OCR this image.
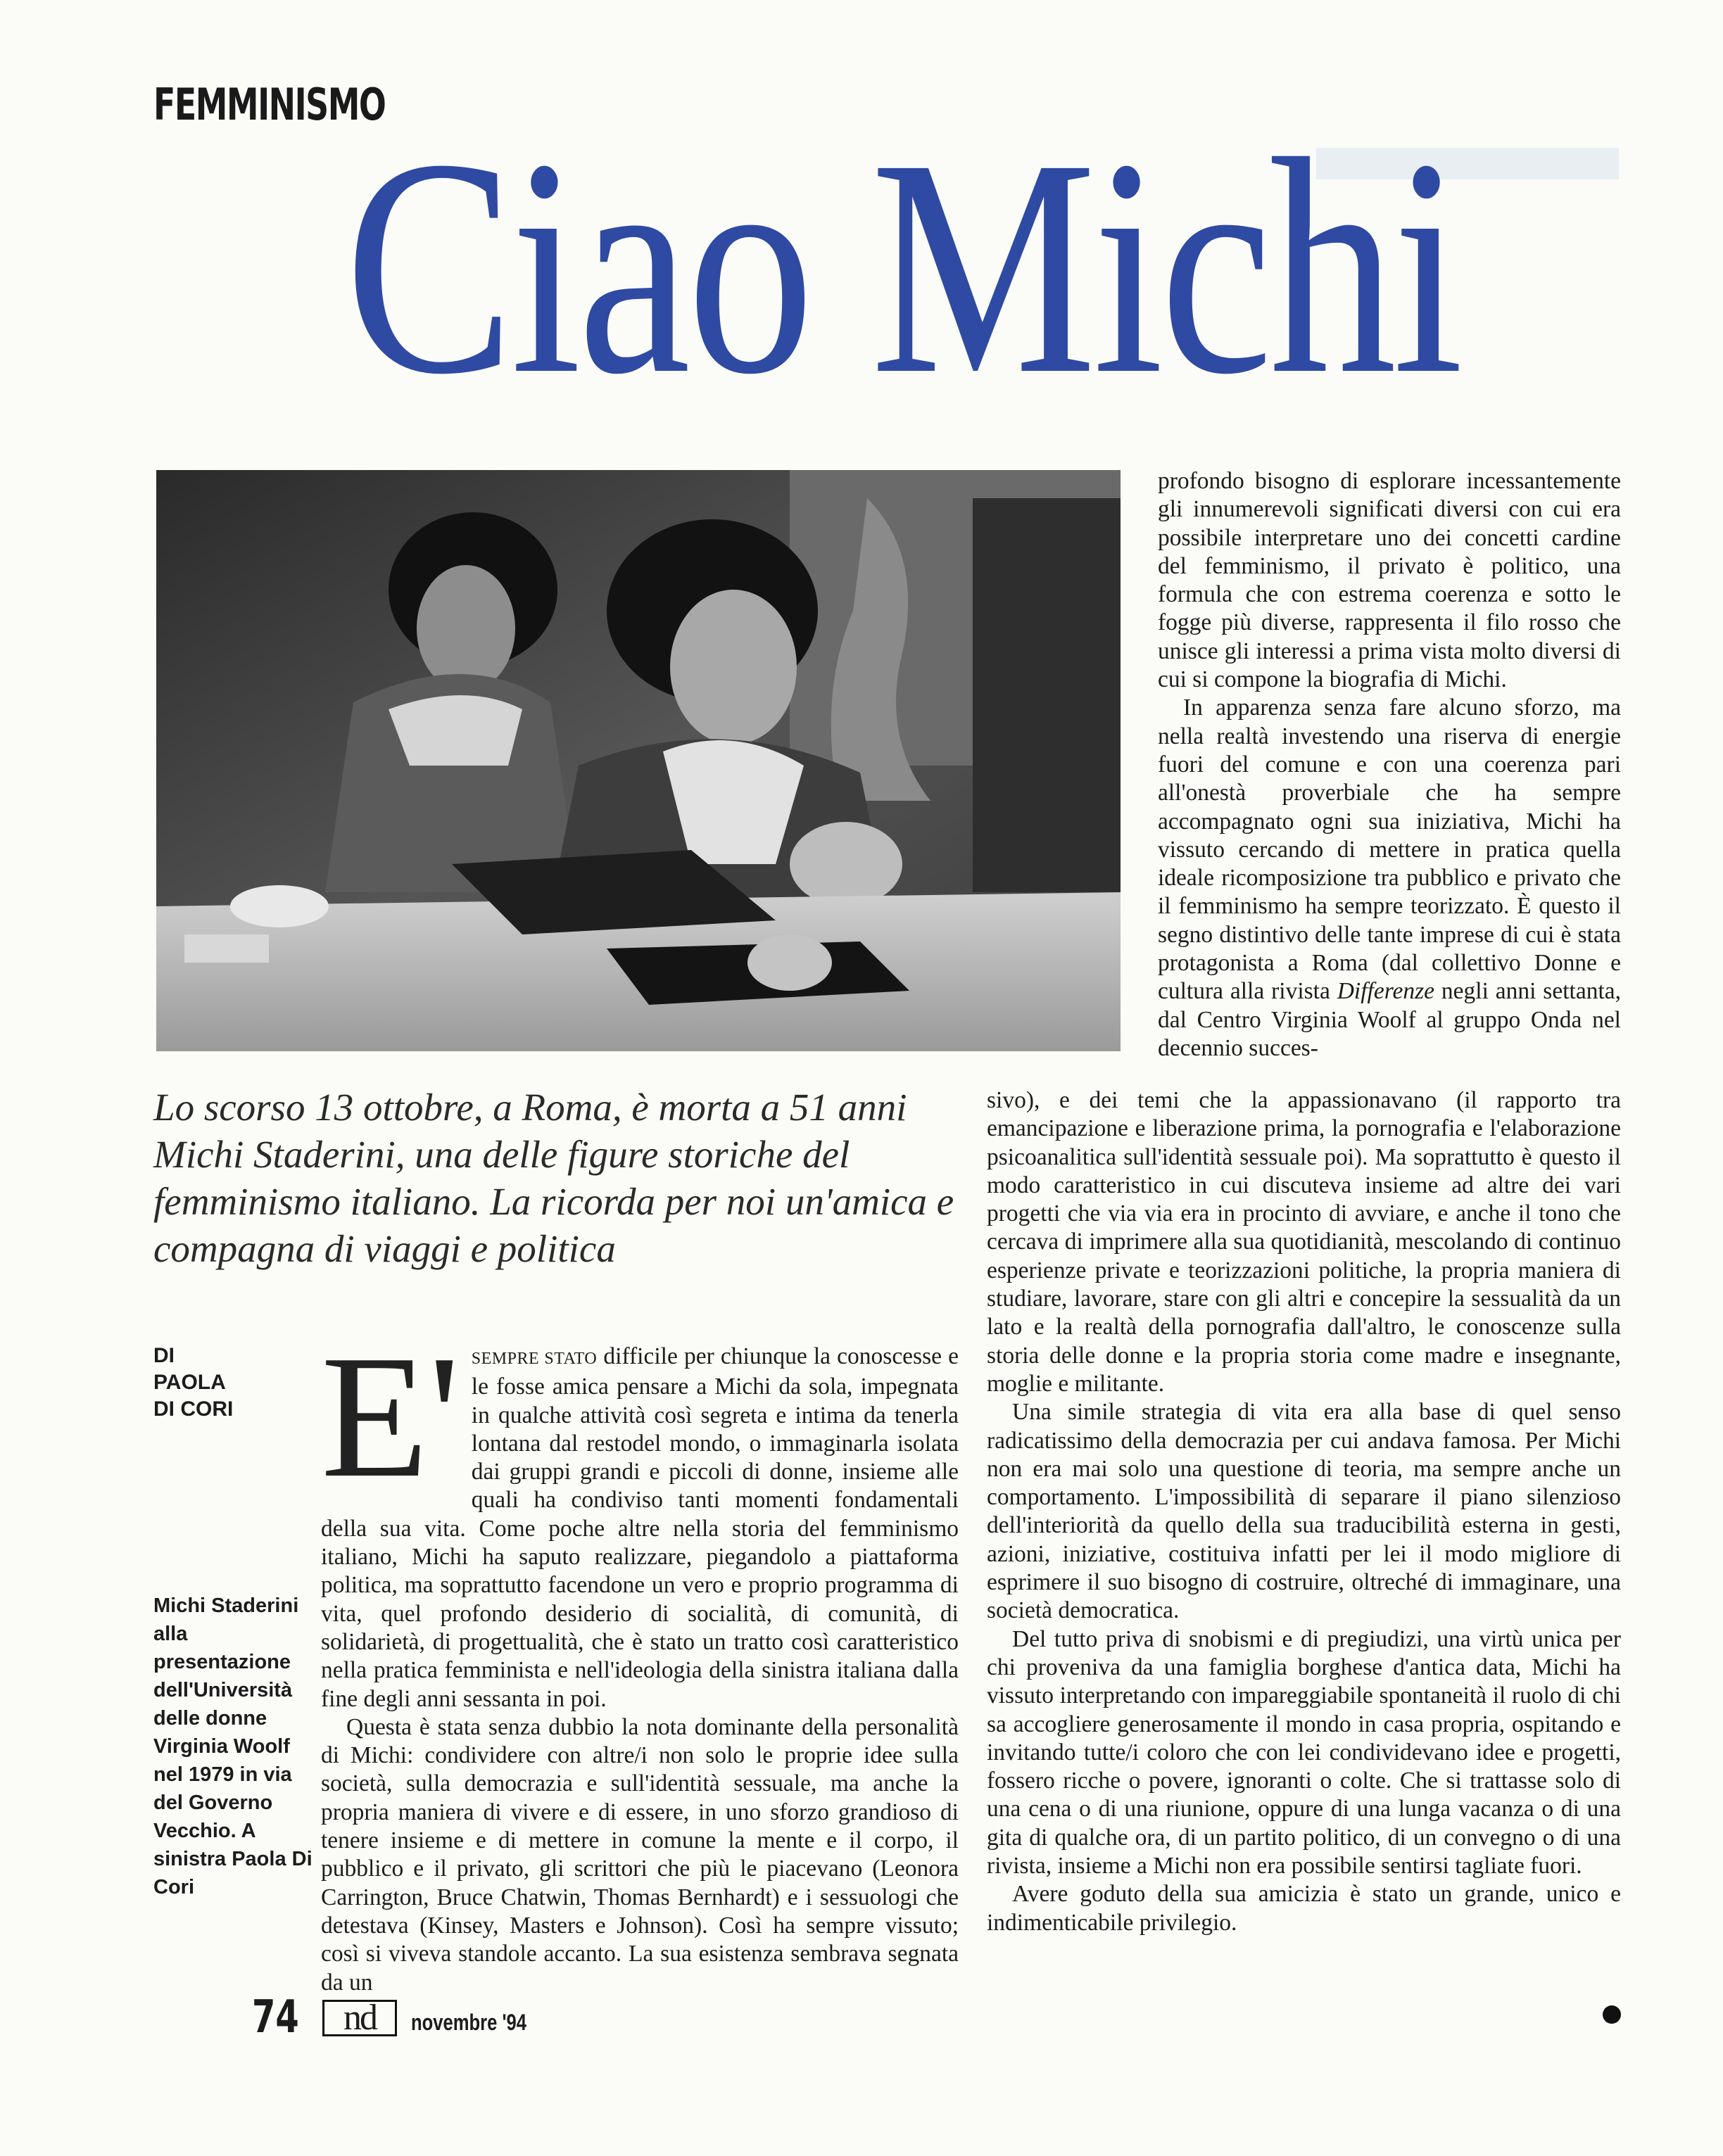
FEMMINISMO
Ciao Michi
Lo scorso 13 ottobre, a Roma, è morta a 51 anni Michi Staderini, una delle figure storiche del femminismo italiano. La ricorda per noi un'amica e compagna di viaggi e politica
DI
PAOLA
DI CORI
Michi Staderini alla presentazione dell'Università delle donne Virginia Woolf nel 1979 in via del Governo Vecchio. A sinistra Paola Di Cori

E' SEMPRE STATO difficile per chiunque la conoscesse e le fosse amica pensare a Michi da sola, impegnata in qualche attività così segreta e intima da tenerla lontana dal restodel mondo, o immaginarla isolata dai gruppi grandi e piccoli di donne, insieme alle quali ha condiviso tanti momenti fondamentali della sua vita. Come poche altre nella storia del femminismo italiano, Michi ha saputo realizzare, piegandolo a piattaforma politica, ma soprattutto facendone un vero e proprio programma di vita, quel profondo desiderio di socialità, di comunità, di solidarietà, di progettualità, che è stato un tratto così caratteristico nella pratica femminista e nell'ideologia della sinistra italiana dalla fine degli anni sessanta in poi.

Questa è stata senza dubbio la nota dominante della personalità di Michi: condividere con altre/i non solo le proprie idee sulla società, sulla democrazia e sull'identità sessuale, ma anche la propria maniera di vivere e di essere, in uno sforzo grandioso di tenere insieme e di mettere in comune la mente e il corpo, il pubblico e il privato, gli scrittori che più le piacevano (Leonora Carrington, Bruce Chatwin, Thomas Bernhardt) e i sessuologi che detestava (Kinsey, Masters e Johnson). Così ha sempre vissuto; così si viveva standole accanto. La sua esistenza sembrava segnata da un

profondo bisogno di esplorare incessantemente gli innumerevoli significati diversi con cui era possibile interpretare uno dei concetti cardine del femminismo, il privato è politico, una formula che con estrema coerenza e sotto le fogge più diverse, rappresenta il filo rosso che unisce gli interessi a prima vista molto diversi di cui si compone la biografia di Michi.

In apparenza senza fare alcuno sforzo, ma nella realtà investendo una riserva di energie fuori del comune e con una coerenza pari all'onestà proverbiale che ha sempre accompagnato ogni sua iniziativa, Michi ha vissuto cercando di mettere in pratica quella ideale ricomposizione tra pubblico e privato che il femminismo ha sempre teorizzato. È questo il segno distintivo delle tante imprese di cui è stata protagonista a Roma (dal collettivo Donne e cultura alla rivista Differenze negli anni settanta, dal Centro Virginia Woolf al gruppo Onda nel decennio succes-

sivo), e dei temi che la appassionavano (il rapporto tra emancipazione e liberazione prima, la pornografia e l'elaborazione psicoanalitica sull'identità sessuale poi). Ma soprattutto è questo il modo caratteristico in cui discuteva insieme ad altre dei vari progetti che via via era in procinto di avviare, e anche il tono che cercava di imprimere alla sua quotidianità, mescolando di continuo esperienze private e teorizzazioni politiche, la propria maniera di studiare, lavorare, stare con gli altri e concepire la sessualità da un lato e la realtà della pornografia dall'altro, le conoscenze sulla storia delle donne e la propria storia come madre e insegnante, moglie e militante.

Una simile strategia di vita era alla base di quel senso radicatissimo della democrazia per cui andava famosa. Per Michi non era mai solo una questione di teoria, ma sempre anche un comportamento. L'impossibilità di separare il piano silenzioso dell'interiorità da quello della sua traducibilità esterna in gesti, azioni, iniziative, costituiva infatti per lei il modo migliore di esprimere il suo bisogno di costruire, oltreché di immaginare, una società democratica.

Del tutto priva di snobismi e di pregiudizi, una virtù unica per chi proveniva da una famiglia borghese d'antica data, Michi ha vissuto interpretando con impareggiabile spontaneità il ruolo di chi sa accogliere generosamente il mondo in casa propria, ospitando e invitando tutte/i coloro che con lei condividevano idee e progetti, fossero ricche o povere, ignoranti o colte. Che si trattasse solo di una cena o di una riunione, oppure di una lunga vacanza o di una gita di qualche ora, di un partito politico, di un convegno o di una rivista, insieme a Michi non era possibile sentirsi tagliate fuori.

Avere goduto della sua amicizia è stato un grande, unico e indimenticabile privilegio.

74	nd	novembre '94
